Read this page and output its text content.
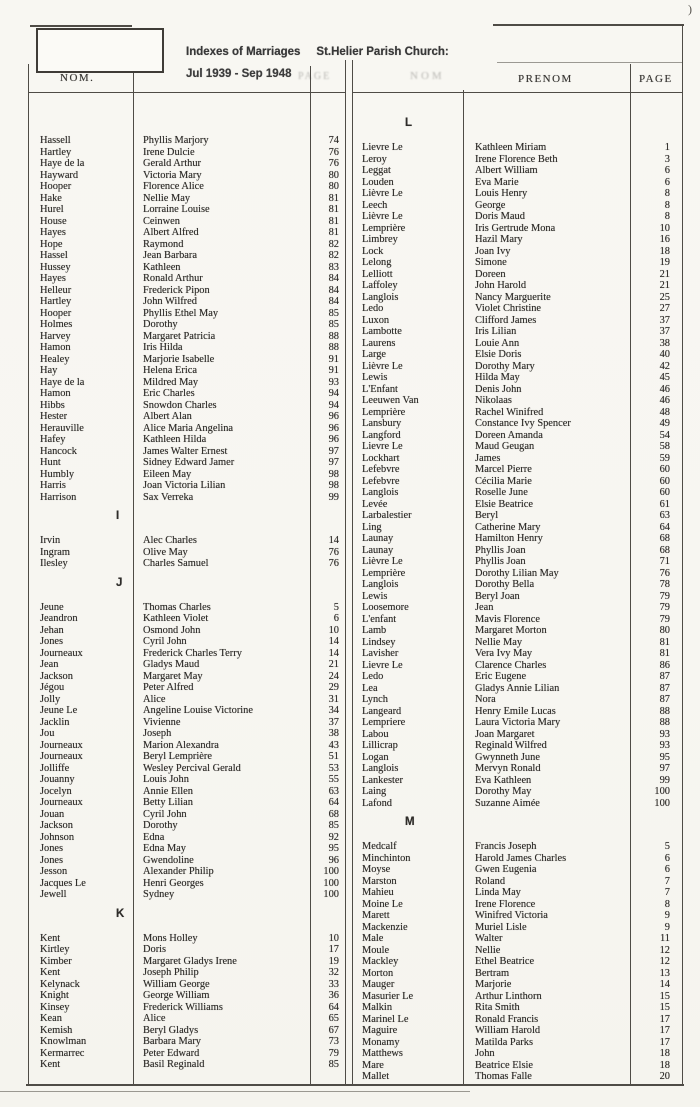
Indexes of Marriages St.Helier Parish Church:
Jul 1939 - Sep 1948
NOM.	PAGE	NOM	PRENOM	PAGE
)
Hassell	Phyllis Marjory	74
Hartley	Irene Dulcie	76
Haye de la	Gerald Arthur	76
Hayward	Victoria Mary	80
Hooper	Florence Alice	80
Hake	Nellie May	81
Hurel	Lorraine Louise	81
House	Ceinwen	81
Hayes	Albert Alfred	81
Hope	Raymond	82
Hassel	Jean Barbara	82
Hussey	Kathleen	83
Hayes	Ronald Arthur	84
Helleur	Frederick Pipon	84
Hartley	John Wilfred	84
Hooper	Phyllis Ethel May	85
Holmes	Dorothy	85
Harvey	Margaret Patricia	88
Hamon	Iris Hilda	88
Healey	Marjorie Isabelle	91
Hay	Helena Erica	91
Haye de la	Mildred May	93
Hamon	Eric Charles	94
Hibbs	Snowdon Charles	94
Hester	Albert Alan	96
Herauville	Alice Maria Angelina	96
Hafey	Kathleen Hilda	96
Hancock	James Walter Ernest	97
Hunt	Sidney Edward Jamer	97
Humbly	Eileen May	98
Harris	Joan Victoria Lilian	98
Harrison	Sax Verreka	99
I
Irvin	Alec Charles	14
Ingram	Olive May	76
Ilesley	Charles Samuel	76
J
Jeune	Thomas Charles	5
Jeandron	Kathleen Violet	6
Jehan	Osmond John	10
Jones	Cyril John	14
Journeaux	Frederick Charles Terry	14
Jean	Gladys Maud	21
Jackson	Margaret May	24
Jégou	Peter Alfred	29
Jolly	Alice	31
Jeune Le	Angeline Louise Victorine	34
Jacklin	Vivienne	37
Jou	Joseph	38
Journeaux	Marion Alexandra	43
Journeaux	Beryl Lemprière	51
Jolliffe	Wesley Percival Gerald	53
Jouanny	Louis John	55
Jocelyn	Annie Ellen	63
Journeaux	Betty Lilian	64
Jouan	Cyril John	68
Jackson	Dorothy	85
Johnson	Edna	92
Jones	Edna May	95
Jones	Gwendoline	96
Jesson	Alexander Philip	100
Jacques Le	Henri Georges	100
Jewell	Sydney	100
K
Kent	Mons Holley	10
Kirtley	Doris	17
Kimber	Margaret Gladys Irene	19
Kent	Joseph Philip	32
Kelynack	William George	33
Knight	George William	36
Kinsey	Frederick Williams	64
Kean	Alice	65
Kemish	Beryl Gladys	67
Knowlman	Barbara Mary	73
Kermarrec	Peter Edward	79
Kent	Basil Reginald	85
L
Lievre Le	Kathleen Miriam	1
Leroy	Irene Florence Beth	3
Leggat	Albert William	6
Louden	Eva Marie	6
Lièvre Le	Louis Henry	8
Leech	George	8
Lièvre Le	Doris Maud	8
Lemprière	Iris Gertrude Mona	10
Limbrey	Hazil Mary	16
Lock	Joan Ivy	18
Lelong	Simone	19
Lelliott	Doreen	21
Laffoley	John Harold	21
Langlois	Nancy Marguerite	25
Ledo	Violet Christine	27
Luxon	Clifford James	37
Lambotte	Iris Lilian	37
Laurens	Louie Ann	38
Large	Elsie Doris	40
Lièvre Le	Dorothy Mary	42
Lewis	Hilda May	45
L'Enfant	Denis John	46
Leeuwen Van	Nikolaas	46
Lemprière	Rachel Winifred	48
Lansbury	Constance Ivy Spencer	49
Langford	Doreen Amanda	54
Lievre Le	Maud Geugan	58
Lockhart	James	59
Lefebvre	Marcel Pierre	60
Lefebvre	Cécilia Marie	60
Langlois	Roselle June	60
Levée	Elsie Beatrice	61
Larbalestier	Beryl	63
Ling	Catherine Mary	64
Launay	Hamilton Henry	68
Launay	Phyllis Joan	68
Lièvre Le	Phyllis Joan	71
Lemprière	Dorothy Lilian May	76
Langlois	Dorothy Bella	78
Lewis	Beryl Joan	79
Loosemore	Jean	79
L'enfant	Mavis Florence	79
Lamb	Margaret Morton	80
Lindsey	Nellie May	81
Lavisher	Vera Ivy May	81
Lievre Le	Clarence Charles	86
Ledo	Eric Eugene	87
Lea	Gladys Annie Lilian	87
Lynch	Nora	87
Langeard	Henry Emile Lucas	88
Lempriere	Laura Victoria Mary	88
Labou	Joan Margaret	93
Lillicrap	Reginald Wilfred	93
Logan	Gwynneth June	95
Langlois	Mervyn Ronald	97
Lankester	Eva Kathleen	99
Laing	Dorothy May	100
Lafond	Suzanne Aimée	100
M
Medcalf	Francis Joseph	5
Minchinton	Harold James Charles	6
Moyse	Gwen Eugenia	6
Marston	Roland	7
Mahieu	Linda May	7
Moine Le	Irene Florence	8
Marett	Winifred Victoria	9
Mackenzie	Muriel Lisle	9
Male	Walter	11
Moule	Nellie	12
Mackley	Ethel Beatrice	12
Morton	Bertram	13
Mauger	Marjorie	14
Masurier Le	Arthur Linthorn	15
Malkin	Rita Smith	15
Marinel Le	Ronald Francis	17
Maguire	William Harold	17
Monamy	Matilda Parks	17
Matthews	John	18
Mare	Beatrice Elsie	18
Mallet	Thomas Falle	20
